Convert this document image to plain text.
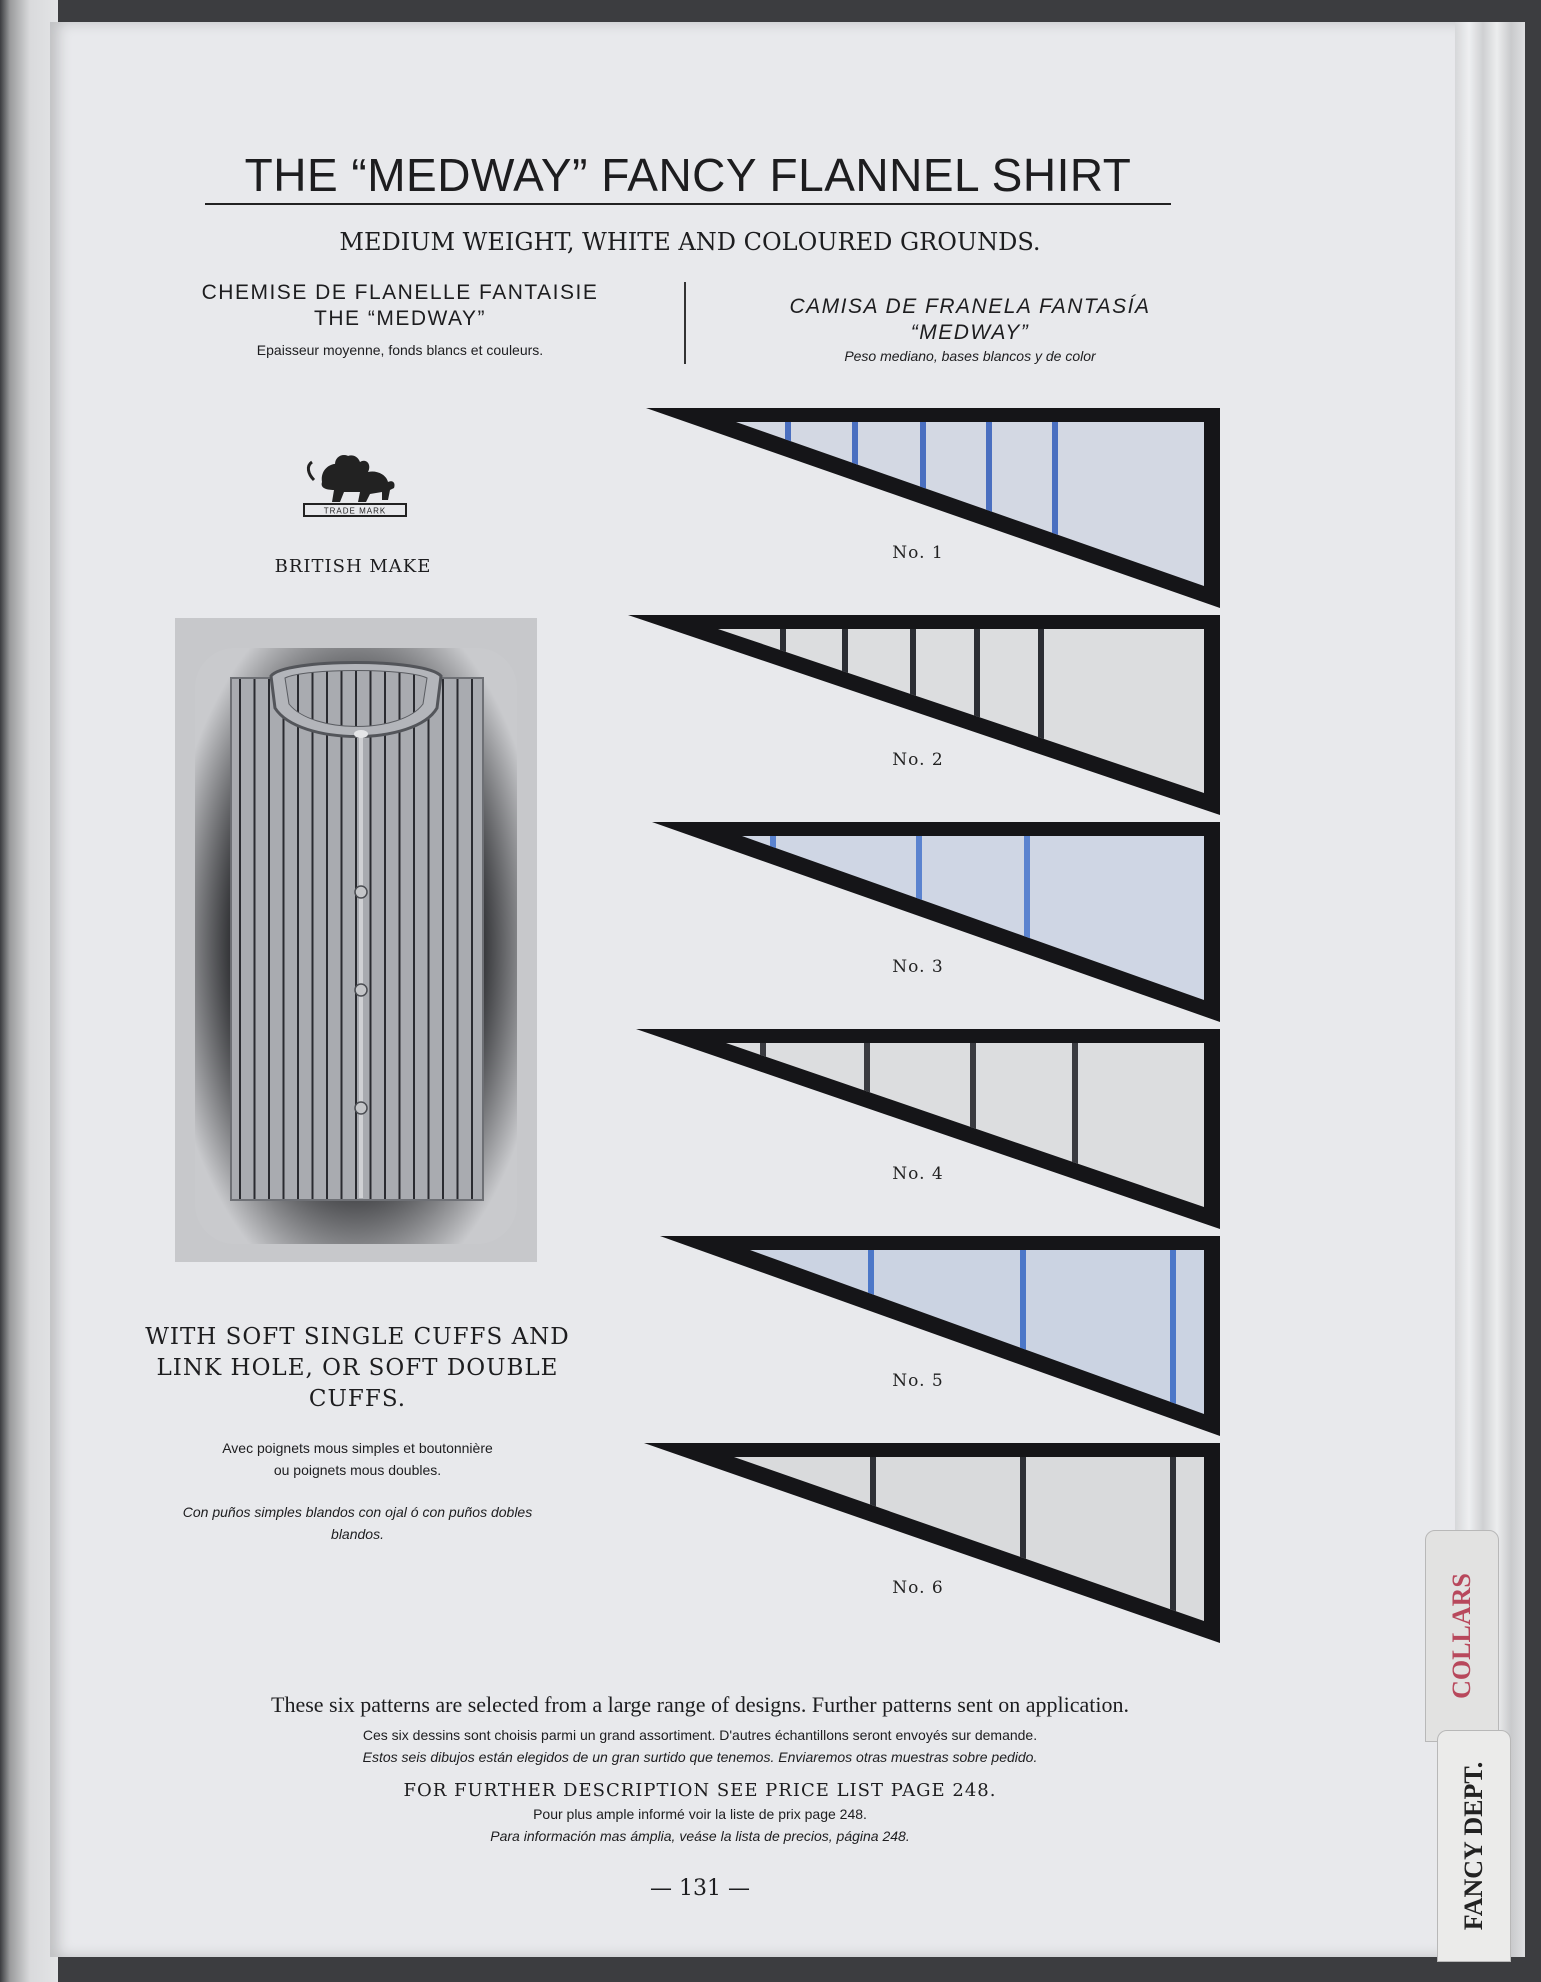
COLLARS
FANCY DEPT.
THE “MEDWAY” FANCY FLANNEL SHIRT
MEDIUM WEIGHT, WHITE AND COLOURED GROUNDS.
CHEMISE DE FLANELLE FANTAISIE
THE “MEDWAY”
Epaisseur moyenne, fonds blancs et couleurs.
CAMISA DE FRANELA FANTASÍA
“MEDWAY”
Peso mediano, bases blancos y de color
TRADE MARK
BRITISH MAKE
WITH SOFT SINGLE CUFFS AND
LINK HOLE, OR SOFT DOUBLE
CUFFS.
Avec poignets mous simples et boutonnière
ou poignets mous doubles.
Con puños simples blandos con ojal ó con puños dobles
blandos.
No. 1
No. 2
No. 3
No. 4
No. 5
No. 6
These six patterns are selected from a large range of designs. Further patterns sent on application.
Ces six dessins sont choisis parmi un grand assortiment. D'autres échantillons seront envoyés sur demande.
Estos seis dibujos están elegidos de un gran surtido que tenemos. Enviaremos otras muestras sobre pedido.
FOR FURTHER DESCRIPTION SEE PRICE LIST PAGE 248.
Pour plus ample informé voir la liste de prix page 248.
Para información mas ámplia, veáse la lista de precios, página 248.
— 131 —
